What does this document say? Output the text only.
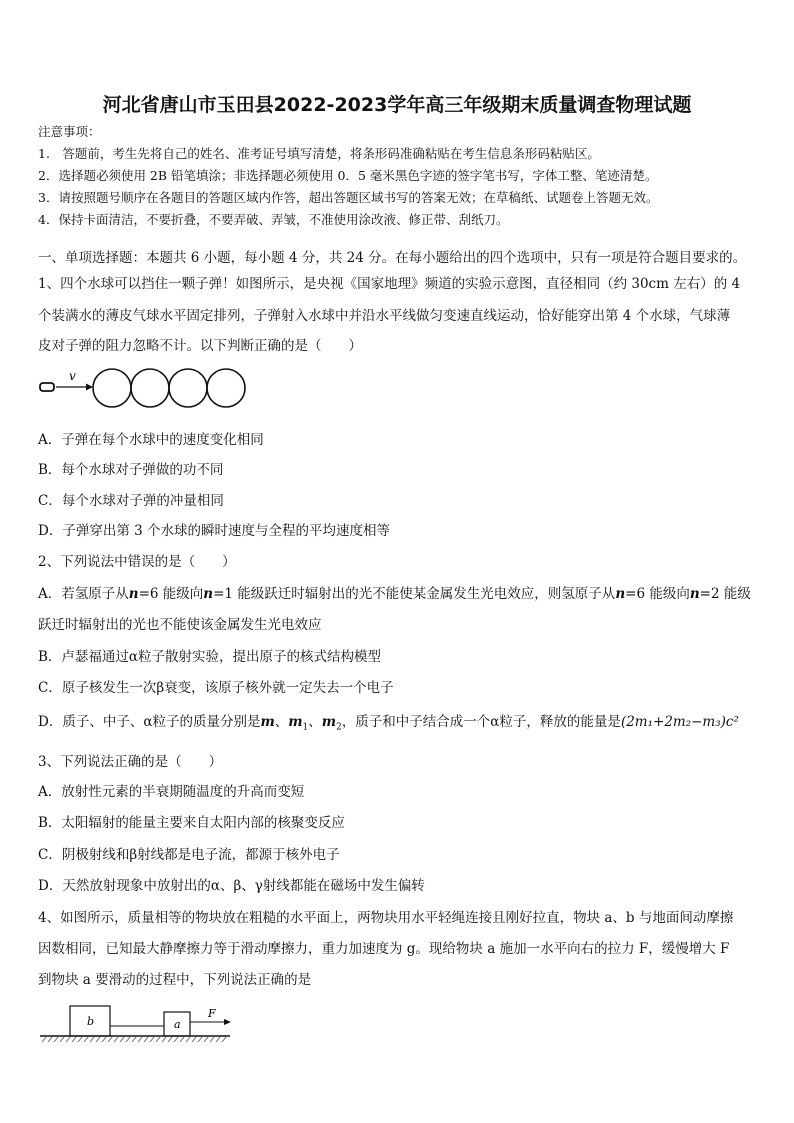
河北省唐山市玉田县2022-2023学年高三年级期末质量调查物理试题
注意事项：
1.　答题前，考生先将自己的姓名、准考证号填写清楚，将条形码准确粘贴在考生信息条形码粘贴区。
2．选择题必须使用 2B 铅笔填涂；非选择题必须使用 0．5 毫米黑色字迹的签字笔书写，字体工整、笔迹清楚。
3．请按照题号顺序在各题目的答题区域内作答，超出答题区域书写的答案无效；在草稿纸、试题卷上答题无效。
4．保持卡面清洁，不要折叠，不要弄破、弄皱，不准使用涂改液、修正带、刮纸刀。
一、单项选择题：本题共 6 小题，每小题 4 分，共 24 分。在每小题给出的四个选项中，只有一项是符合题目要求的。
1、四个水球可以挡住一颗子弹！如图所示，是央视《国家地理》频道的实验示意图，直径相同（约 30cm 左右）的 4
个装满水的薄皮气球水平固定排列，子弹射入水球中并沿水平线做匀变速直线运动，恰好能穿出第 4 个水球，气球薄
皮对子弹的阻力忽略不计。以下判断正确的是（　　）
v
A．子弹在每个水球中的速度变化相同
B．每个水球对子弹做的功不同
C．每个水球对子弹的冲量相同
D．子弹穿出第 3 个水球的瞬时速度与全程的平均速度相等
2、下列说法中错误的是（　　）
A．若氢原子从n=6 能级向n=1 能级跃迁时辐射出的光不能使某金属发生光电效应，则氢原子从n=6 能级向n=2 能级
跃迁时辐射出的光也不能使该金属发生光电效应
B．卢瑟福通过α粒子散射实验，提出原子的核式结构模型
C．原子核发生一次β衰变，该原子核外就一定失去一个电子
D．质子、中子、α粒子的质量分别是m、$m_1$、$m_2$，质子和中子结合成一个α粒子，释放的能量是(2m₁+2m₂−m₃)c²
3、下列说法正确的是（　　）
A．放射性元素的半衰期随温度的升高而变短
B．太阳辐射的能量主要来自太阳内部的核聚变反应
C．阴极射线和β射线都是电子流，都源于核外电子
D．天然放射现象中放射出的α、β、γ射线都能在磁场中发生偏转
4、如图所示，质量相等的物块放在粗糙的水平面上，两物块用水平轻绳连接且刚好拉直，物块 a、b 与地面间动摩擦
因数相同，已知最大静摩擦力等于滑动摩擦力，重力加速度为 g。现给物块 a 施加一水平向右的拉力 F，缓慢增大 F
到物块 a 要滑动的过程中，下列说法正确的是
b	a
F
